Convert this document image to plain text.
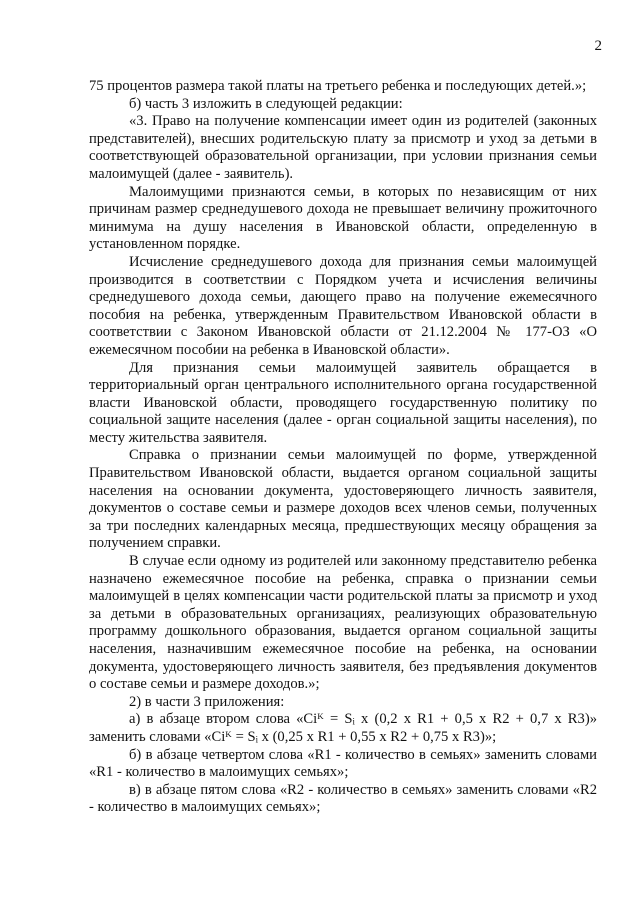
2

75 процентов размера такой платы на третьего ребенка и последующих детей.»;

б) часть 3 изложить в следующей редакции:

«3. Право на получение компенсации имеет один из родителей (законных представителей), внесших родительскую плату за присмотр и уход за детьми в соответствующей образовательной организации, при условии признания семьи малоимущей (далее - заявитель).

Малоимущими признаются семьи, в которых по независящим от них причинам размер среднедушевого дохода не превышает величину прожиточного минимума на душу населения в Ивановской области, определенную в установленном порядке.

Исчисление среднедушевого дохода для признания семьи малоимущей производится в соответствии с Порядком учета и исчисления величины среднедушевого дохода семьи, дающего право на получение ежемесячного пособия на ребенка, утвержденным Правительством Ивановской области в соответствии с Законом Ивановской области от 21.12.2004 № 177-ОЗ «О ежемесячном пособии на ребенка в Ивановской области».

Для признания семьи малоимущей заявитель обращается в территориальный орган центрального исполнительного органа государственной власти Ивановской области, проводящего государственную политику по социальной защите населения (далее - орган социальной защиты населения), по месту жительства заявителя.

Справка о признании семьи малоимущей по форме, утвержденной Правительством Ивановской области, выдается органом социальной защиты населения на основании документа, удостоверяющего личность заявителя, документов о составе семьи и размере доходов всех членов семьи, полученных за три последних календарных месяца, предшествующих месяцу обращения за получением справки.

В случае если одному из родителей или законному представителю ребенка назначено ежемесячное пособие на ребенка, справка о признании семьи малоимущей в целях компенсации части родительской платы за присмотр и уход за детьми в образовательных организациях, реализующих образовательную программу дошкольного образования, выдается органом социальной защиты населения, назначившим ежемесячное пособие на ребенка, на основании документа, удостоверяющего личность заявителя, без предъявления документов о составе семьи и размере доходов.»;

2) в части 3 приложения:

а) в абзаце втором слова «Ciᴷ = Sᵢ x (0,2 x R1 + 0,5 x R2 + 0,7 x R3)» заменить словами «Ciᴷ = Sᵢ x (0,25 x R1 + 0,55 x R2 + 0,75 x R3)»;

б) в абзаце четвертом слова «R1 - количество в семьях» заменить словами «R1 - количество в малоимущих семьях»;

в) в абзаце пятом слова «R2 - количество в семьях» заменить словами «R2 - количество в малоимущих семьях»;
